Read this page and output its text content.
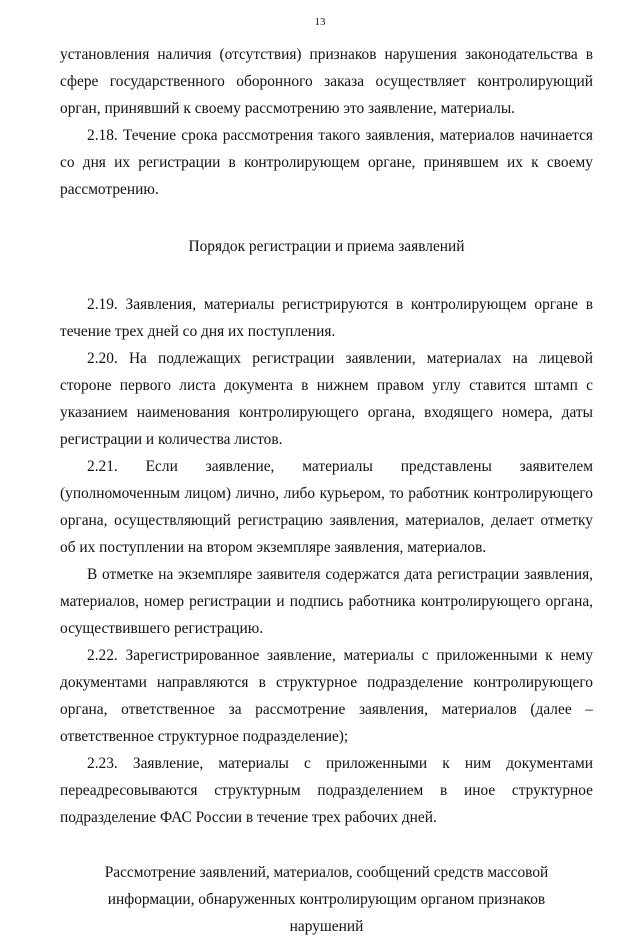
13

установления наличия (отсутствия) признаков нарушения законодательства в сфере государственного оборонного заказа осуществляет контролирующий орган, принявший к своему рассмотрению это заявление, материалы.

2.18. Течение срока рассмотрения такого заявления, материалов начинается со дня их регистрации в контролирующем органе, принявшем их к своему рассмотрению.

Порядок регистрации и приема заявлений

2.19. Заявления, материалы регистрируются в контролирующем органе в течение трех дней со дня их поступления.

2.20. На подлежащих регистрации заявлении, материалах на лицевой стороне первого листа документа в нижнем правом углу ставится штамп с указанием наименования контролирующего органа, входящего номера, даты регистрации и количества листов.

2.21. Если заявление, материалы представлены заявителем (уполномоченным лицом) лично, либо курьером, то работник контролирующего органа, осуществляющий регистрацию заявления, материалов, делает отметку об их поступлении на втором экземпляре заявления, материалов.

В отметке на экземпляре заявителя содержатся дата регистрации заявления, материалов, номер регистрации и подпись работника контролирующего органа, осуществившего регистрацию.

2.22. Зарегистрированное заявление, материалы с приложенными к нему документами направляются в структурное подразделение контролирующего органа, ответственное за рассмотрение заявления, материалов (далее – ответственное структурное подразделение);

2.23. Заявление, материалы с приложенными к ним документами переадресовываются структурным подразделением в иное структурное подразделение ФАС России в течение трех рабочих дней.

Рассмотрение заявлений, материалов, сообщений средств массовой информации, обнаруженных контролирующим органом признаков нарушений
